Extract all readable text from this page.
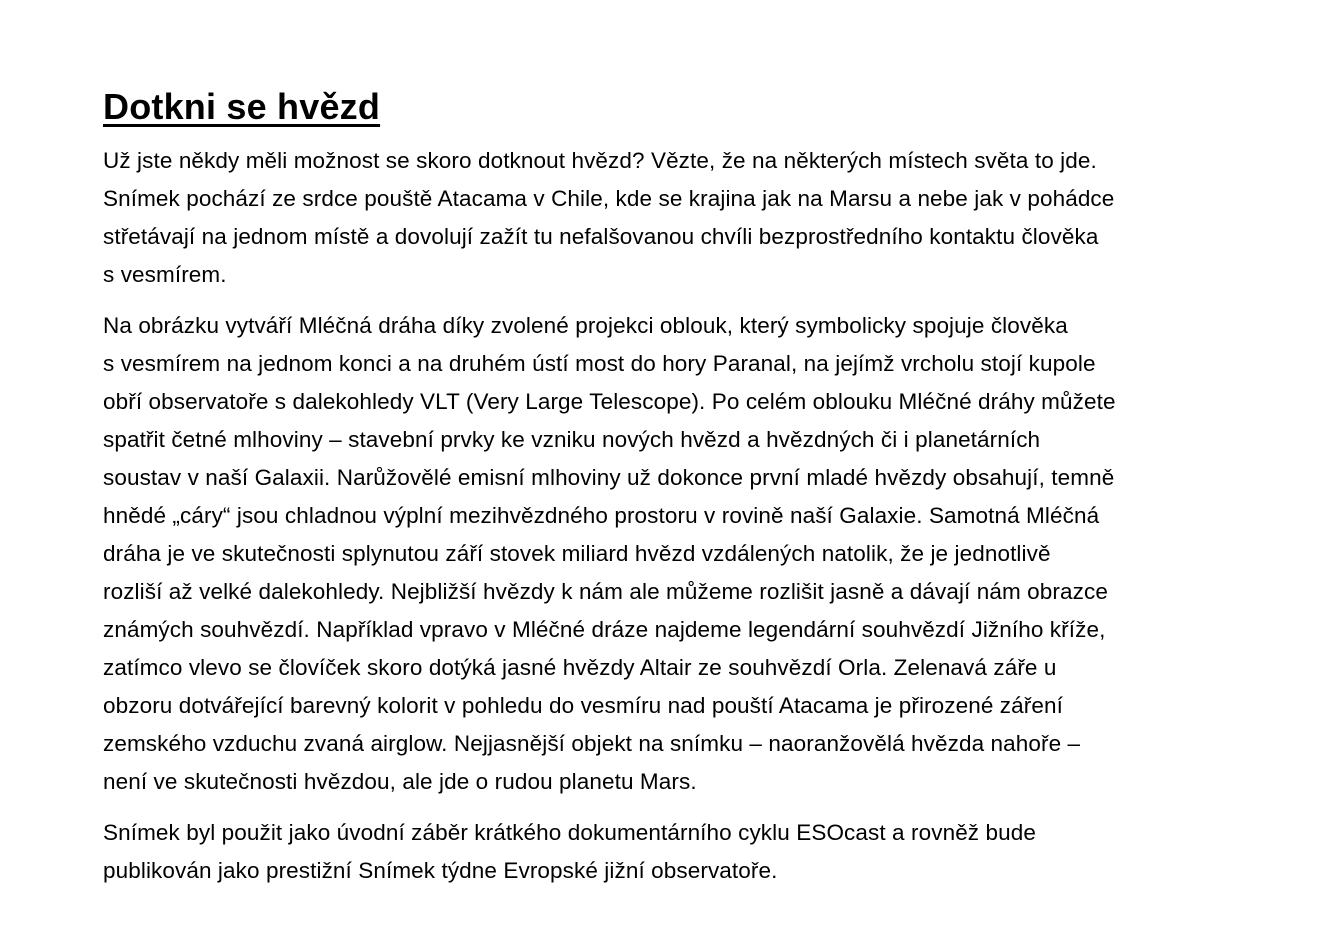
Dotkni se hvězd

Už jste někdy měli možnost se skoro dotknout hvězd? Vězte, že na některých místech světa to jde.
Snímek pochází ze srdce pouště Atacama v Chile, kde se krajina jak na Marsu a nebe jak v pohádce
střetávají na jednom místě a dovolují zažít tu nefalšovanou chvíli bezprostředního kontaktu člověka
s vesmírem.

Na obrázku vytváří Mléčná dráha díky zvolené projekci oblouk, který symbolicky spojuje člověka
s vesmírem na jednom konci a na druhém ústí most do hory Paranal, na jejímž vrcholu stojí kupole
obří observatoře s dalekohledy VLT (Very Large Telescope). Po celém oblouku Mléčné dráhy můžete
spatřit četné mlhoviny – stavební prvky ke vzniku nových hvězd a hvězdných či i planetárních
soustav v naší Galaxii. Narůžovělé emisní mlhoviny už dokonce první mladé hvězdy obsahují, temně
hnědé „cáry“ jsou chladnou výplní mezihvězdného prostoru v rovině naší Galaxie. Samotná Mléčná
dráha je ve skutečnosti splynutou září stovek miliard hvězd vzdálených natolik, že je jednotlivě
rozliší až velké dalekohledy. Nejbližší hvězdy k nám ale můžeme rozlišit jasně a dávají nám obrazce
známých souhvězdí. Například vpravo v Mléčné dráze najdeme legendární souhvězdí Jižního kříže,
zatímco vlevo se človíček skoro dotýká jasné hvězdy Altair ze souhvězdí Orla. Zelenavá záře u
obzoru dotvářející barevný kolorit v pohledu do vesmíru nad pouští Atacama je přirozené záření
zemského vzduchu zvaná airglow. Nejjasnější objekt na snímku – naoranžovělá hvězda nahoře –
není ve skutečnosti hvězdou, ale jde o rudou planetu Mars.

Snímek byl použit jako úvodní záběr krátkého dokumentárního cyklu ESOcast a rovněž bude
publikován jako prestižní Snímek týdne Evropské jižní observatoře.
